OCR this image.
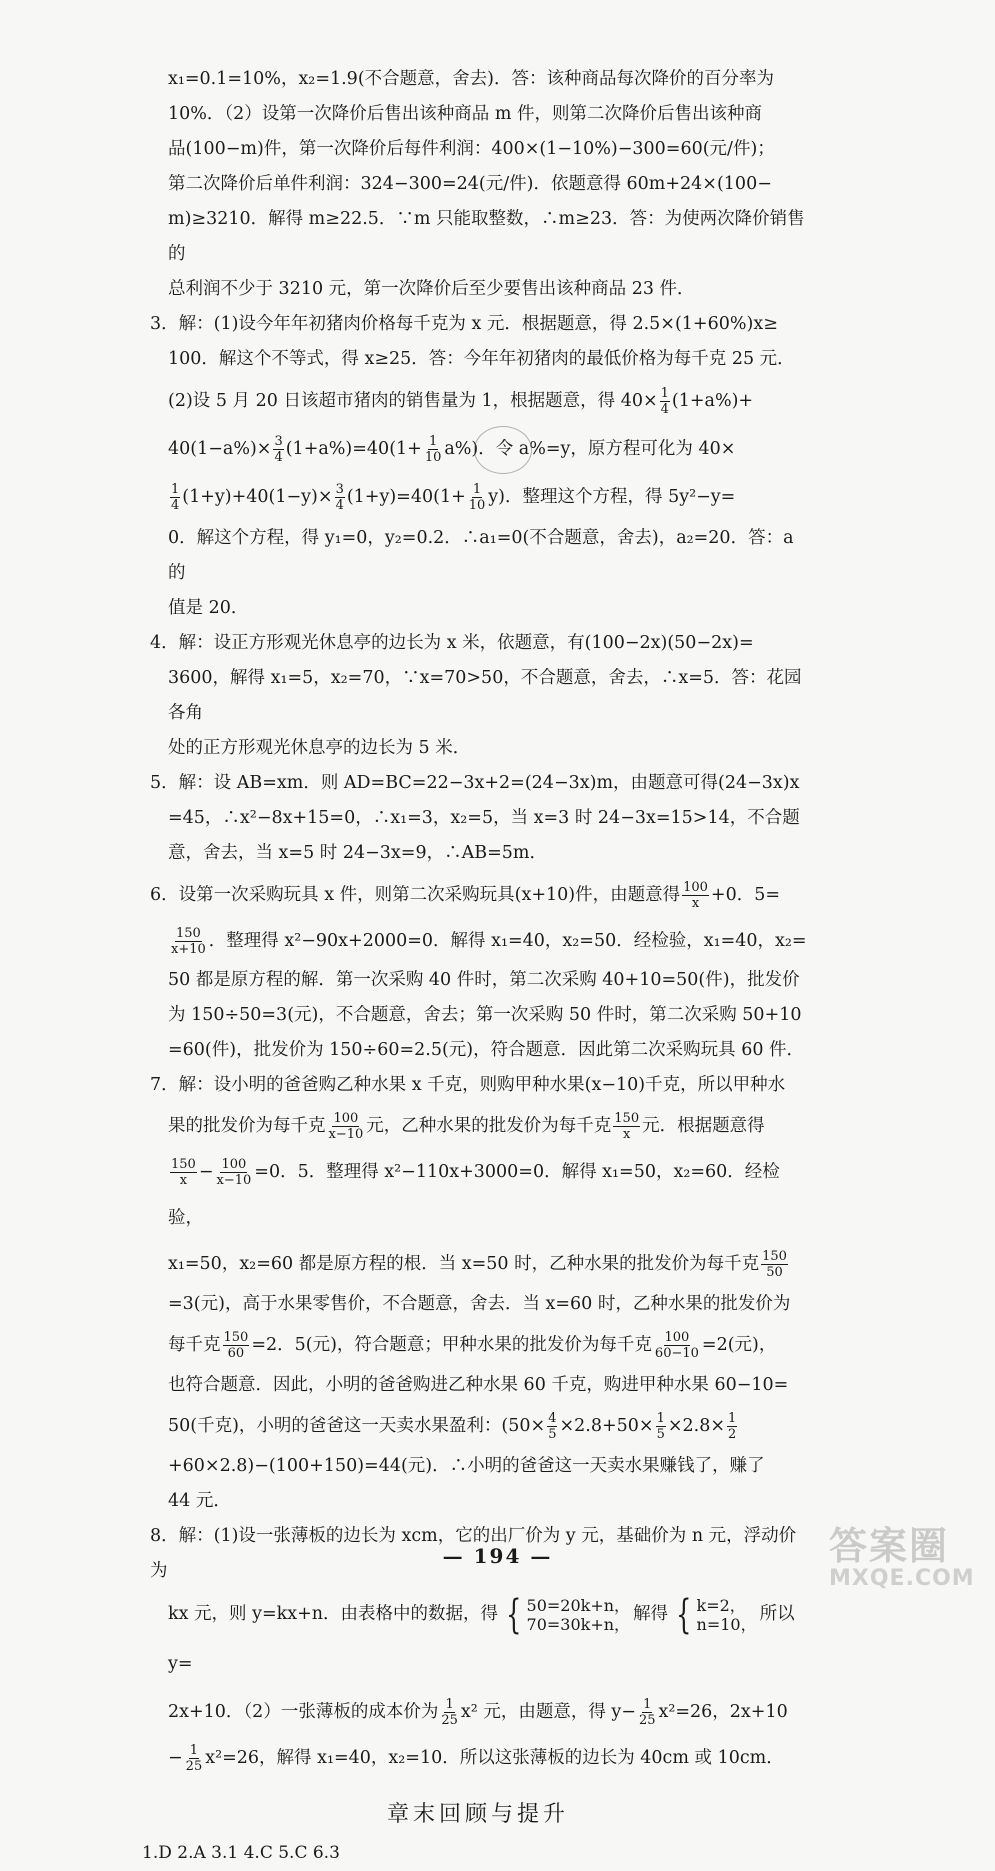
x₁=0.1=10%，x₂=1.9(不合题意，舍去)．答：该种商品每次降价的百分率为
10%．（2）设第一次降价后售出该种商品 m 件，则第二次降价后售出该种商
品(100−m)件，第一次降价后每件利润：400×(1−10%)−300=60(元/件)；
第二次降价后单件利润：324−300=24(元/件)．依题意得 60m+24×(100−
m)≥3210．解得 m≥22.5．∵m 只能取整数，∴m≥23．答：为使两次降价销售的
总利润不少于 3210 元，第一次降价后至少要售出该种商品 23 件．
3．解：(1)设今年年初猪肉价格每千克为 x 元．根据题意，得 2.5×(1+60%)x≥
100．解这个不等式，得 x≥25．答：今年年初猪肉的最低价格为每千克 25 元．
(2)设 5 月 20 日该超市猪肉的销售量为 1，根据题意，得 $40\times \frac{1}{4} (1+a\%)+$
$40(1-a\%)\times \frac{3}{4} (1+a\%)=40(1+ \frac{1}{10} a\%)$．令 a%=y，原方程可化为 40×
$\frac{1}{4} (1+y)+40(1-y)\times \frac{3}{4} (1+y)=40(1+ \frac{1}{10} y)$．整理这个方程，得 5y²−y=
0．解这个方程，得 y₁=0，y₂=0.2．∴a₁=0(不合题意，舍去)，a₂=20．答：a 的
值是 20．
4．解：设正方形观光休息亭的边长为 x 米，依题意，有(100−2x)(50−2x)=
3600，解得 x₁=5，x₂=70，∵x=70>50，不合题意，舍去，∴x=5．答：花园各角
处的正方形观光休息亭的边长为 5 米．
5．解：设 AB=xm．则 AD=BC=22−3x+2=(24−3x)m，由题意可得(24−3x)x
=45，∴x²−8x+15=0，∴x₁=3，x₂=5，当 x=3 时 24−3x=15>14，不合题
意，舍去，当 x=5 时 24−3x=9，∴AB=5m．
6．设第一次采购玩具 x 件，则第二次采购玩具(x+10)件，由题意得 $\frac{100}{x} +0$．5=
$\frac{150}{x+10}$ ．整理得 x²−90x+2000=0．解得 x₁=40，x₂=50．经检验，x₁=40，x₂=
50 都是原方程的解．第一次采购 40 件时，第二次采购 40+10=50(件)，批发价
为 150÷50=3(元)，不合题意，舍去；第一次采购 50 件时，第二次采购 50+10
=60(件)，批发价为 150÷60=2.5(元)，符合题意．因此第二次采购玩具 60 件．
7．解：设小明的爸爸购乙种水果 x 千克，则购甲种水果(x−10)千克，所以甲种水
果的批发价为每千克 $\frac{100}{x-10}$ 元，乙种水果的批发价为每千克 $\frac{150}{x}$ 元．根据题意得
$\frac{150}{x} - \frac{100}{x-10} =0$．5．整理得 x²−110x+3000=0．解得 x₁=50，x₂=60．经检验，
x₁=50，x₂=60 都是原方程的根．当 x=50 时，乙种水果的批发价为每千克 $\frac{150}{50}$
=3(元)，高于水果零售价，不合题意，舍去．当 x=60 时，乙种水果的批发价为
每千克 $\frac{150}{60} =2$．5(元)，符合题意；甲种水果的批发价为每千克 $\frac{100}{60-10} =2$(元)，
也符合题意．因此，小明的爸爸购进乙种水果 60 千克，购进甲种水果 60−10=
50(千克)，小明的爸爸这一天卖水果盈利：($50\times \frac{4}{5} \times 2.8+50\times \frac{1}{5} \times 2.8\times \frac{1}{2}$
+60×2.8)−(100+150)=44(元)．∴小明的爸爸这一天卖水果赚钱了，赚了
44 元．
8．解：(1)设一张薄板的边长为 xcm，它的出厂价为 y 元，基础价为 n 元，浮动价为
kx 元，则 y=kx+n．由表格中的数据，得 { 50=20k+n，
70=30k+n， 解得 { k=2，
n=10， 所以 y=
2x+10．（2）一张薄板的成本价为 $\frac{1}{25} x^2$ 元，由题意，得 $y- \frac{1}{25} x^2=26$，2x+10
− $\frac{1}{25} x^2=26$，解得 x₁=40，x₂=10．所以这张薄板的边长为 40cm 或 10cm．
章末回顾与提升
1.D 2.A 3.1 4.C 5.C 6.3
— 194 —	答案圈
MXQE.COM
